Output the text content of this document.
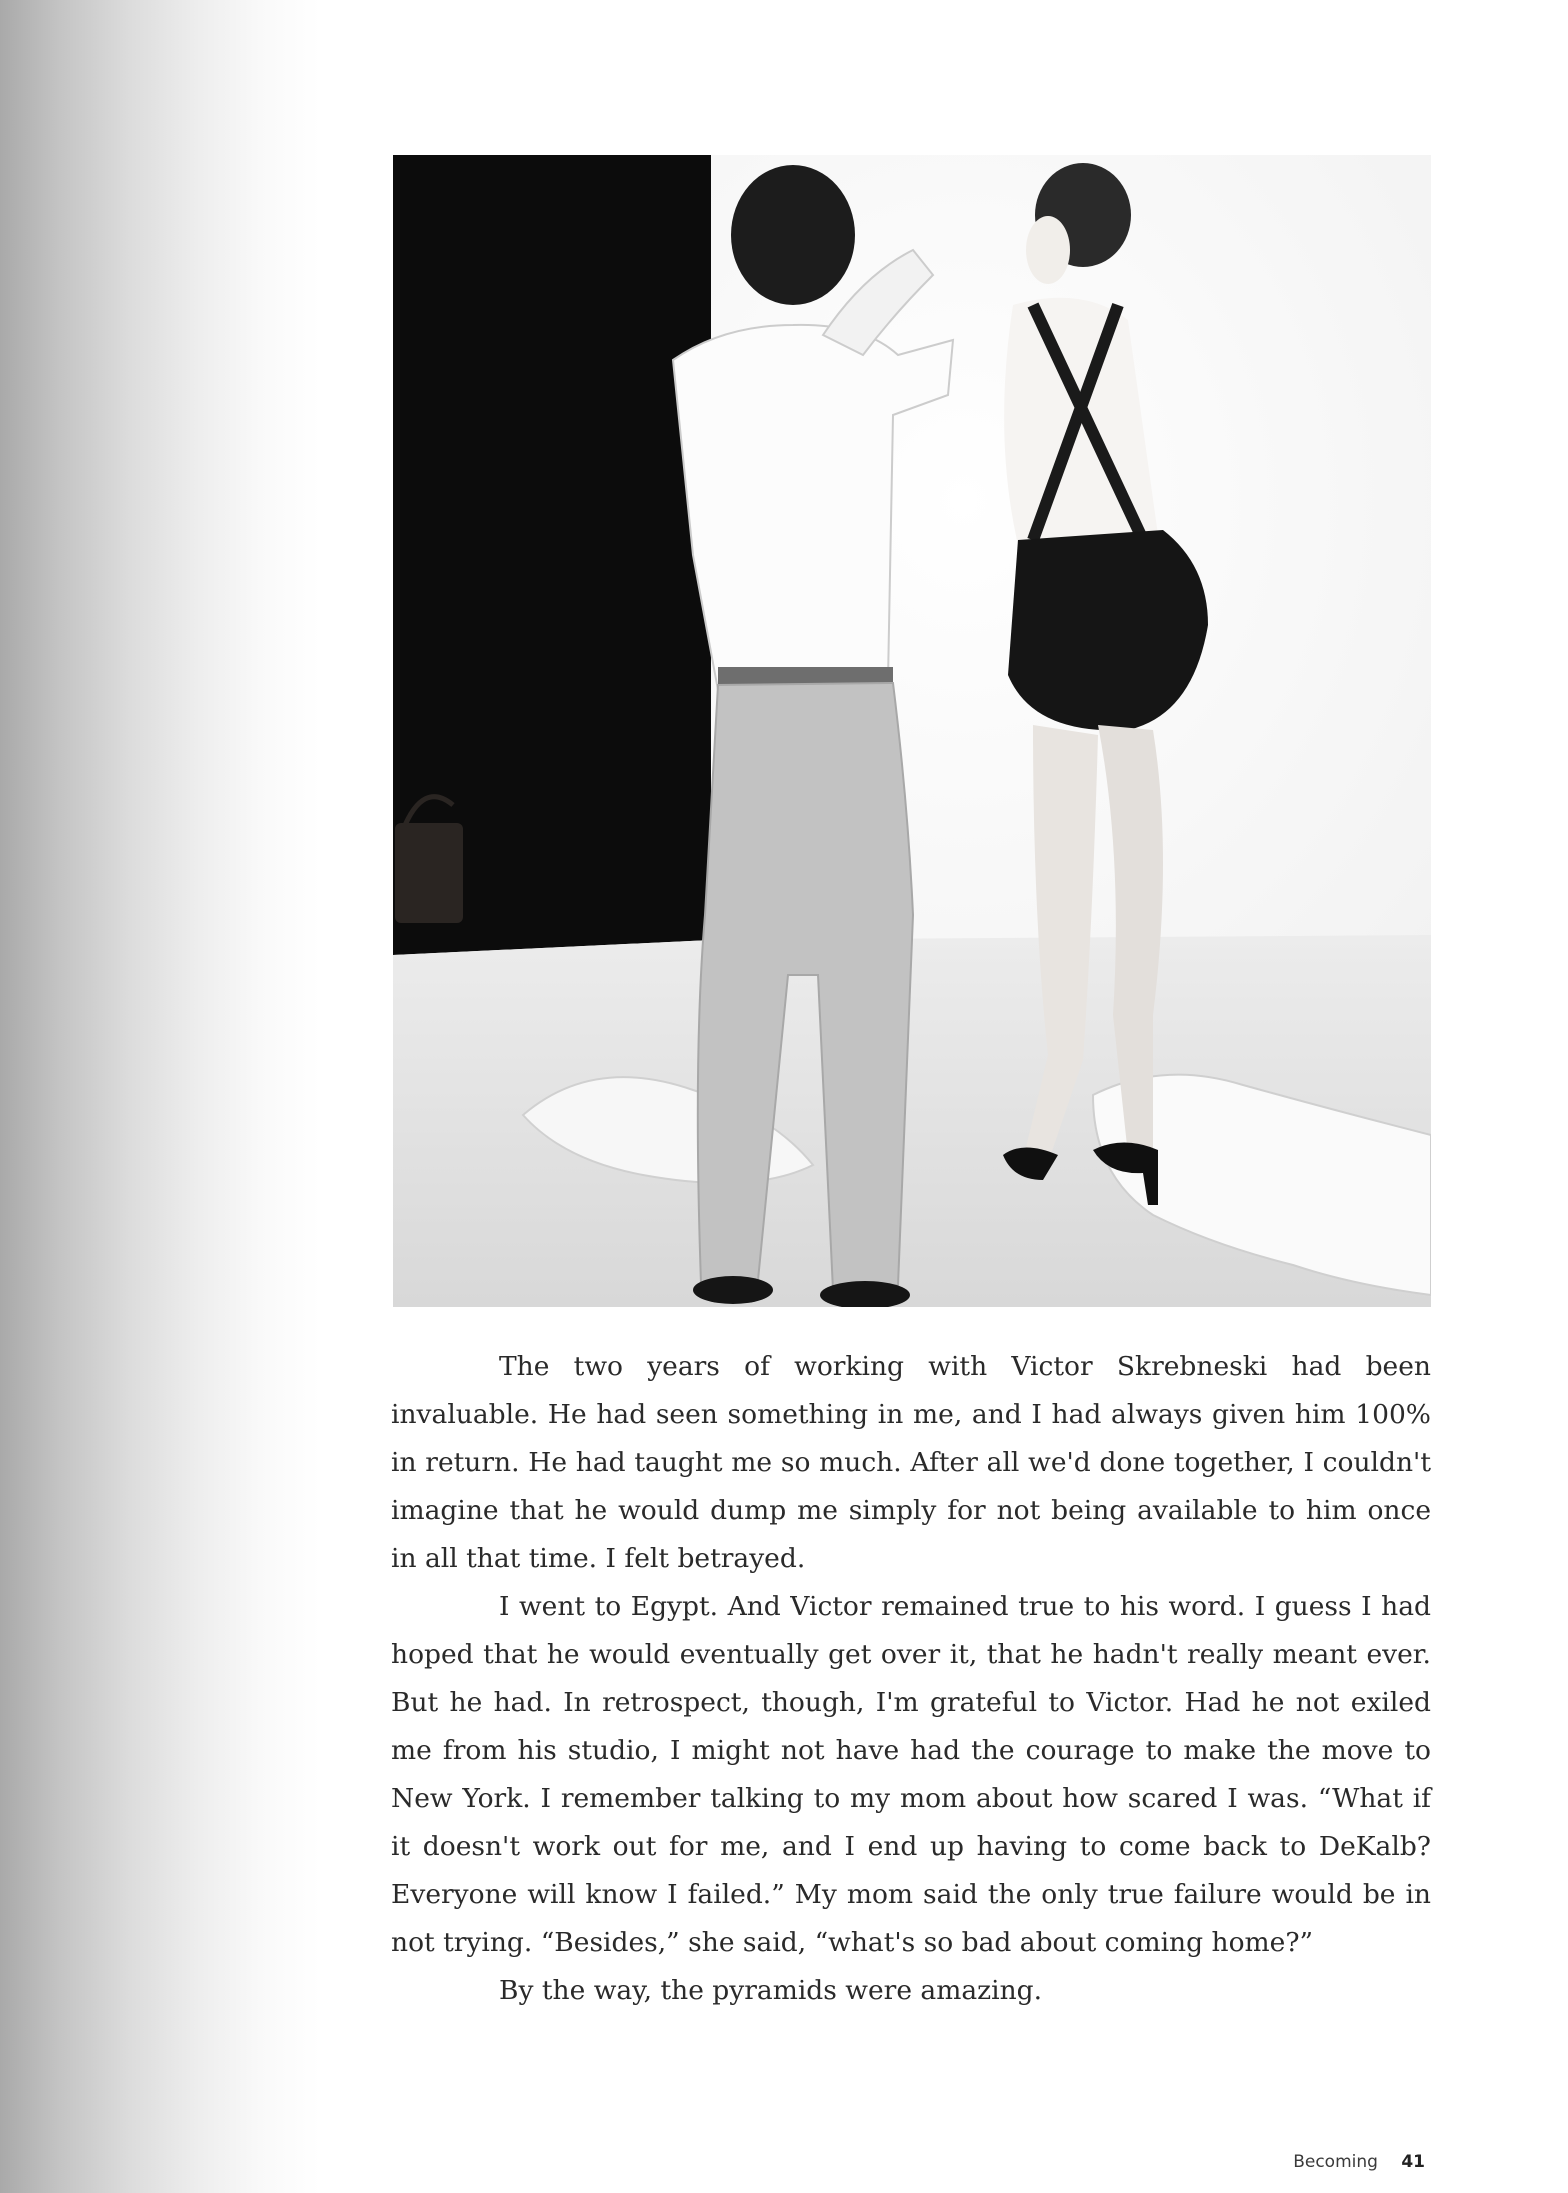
The two years of working with Victor Skrebneski had been invaluable. He had seen something in me, and I had always given him 100% in return. He had taught me so much. After all we'd done together, I couldn't imagine that he would dump me simply for not being available to him once in all that time. I felt betrayed.

I went to Egypt. And Victor remained true to his word. I guess I had hoped that he would eventually get over it, that he hadn't really meant ever. But he had. In retrospect, though, I'm grateful to Victor. Had he not exiled me from his studio, I might not have had the courage to make the move to New York. I remember talking to my mom about how scared I was. “What if it doesn't work out for me, and I end up having to come back to DeKalb? Everyone will know I failed.” My mom said the only true failure would be in not trying. “Besides,” she said, “what's so bad about coming home?”

By the way, the pyramids were amazing.

Becoming 41
